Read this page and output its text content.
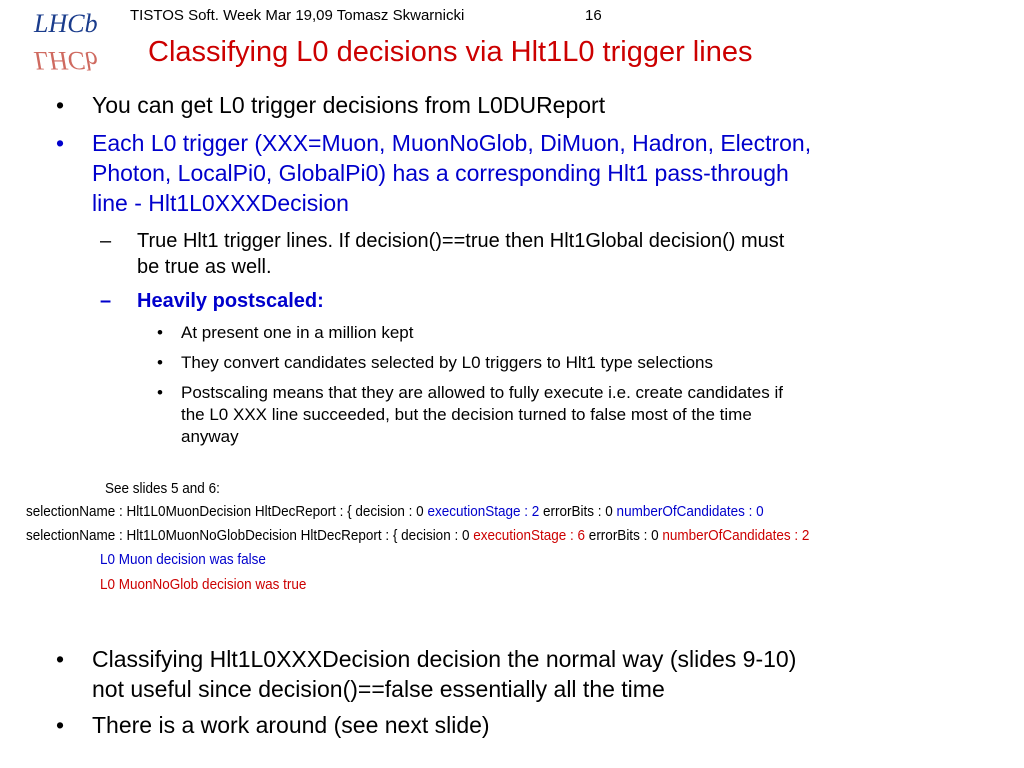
LHCb
LHCb
TISTOS Soft. Week Mar 19,09 Tomasz Skwarnicki	16
Classifying L0 decisions via Hlt1L0 trigger lines
• You can get L0 trigger decisions from L0DUReport
• Each L0 trigger (XXX=Muon, MuonNoGlob, DiMuon, Hadron, Electron,
Photon, LocalPi0, GlobalPi0) has a corresponding Hlt1 pass-through
line - Hlt1L0XXXDecision
– True Hlt1 trigger lines. If decision()==true then Hlt1Global decision() must
be true as well.
– Heavily postscaled:
• At present one in a million kept
• They convert candidates selected by L0 triggers to Hlt1 type selections
• Postscaling means that they are allowed to fully execute i.e. create candidates if
the L0 XXX line succeeded, but the decision turned to false most of the time
anyway
See slides 5 and 6:
selectionName : Hlt1L0MuonDecision HltDecReport : { decision : 0 executionStage : 2 errorBits : 0 numberOfCandidates : 0
selectionName : Hlt1L0MuonNoGlobDecision HltDecReport : { decision : 0 executionStage : 6 errorBits : 0 numberOfCandidates : 2
L0 Muon decision was false
L0 MuonNoGlob decision was true
• Classifying Hlt1L0XXXDecision decision the normal way (slides 9-10)
not useful since decision()==false essentially all the time
• There is a work around (see next slide)
